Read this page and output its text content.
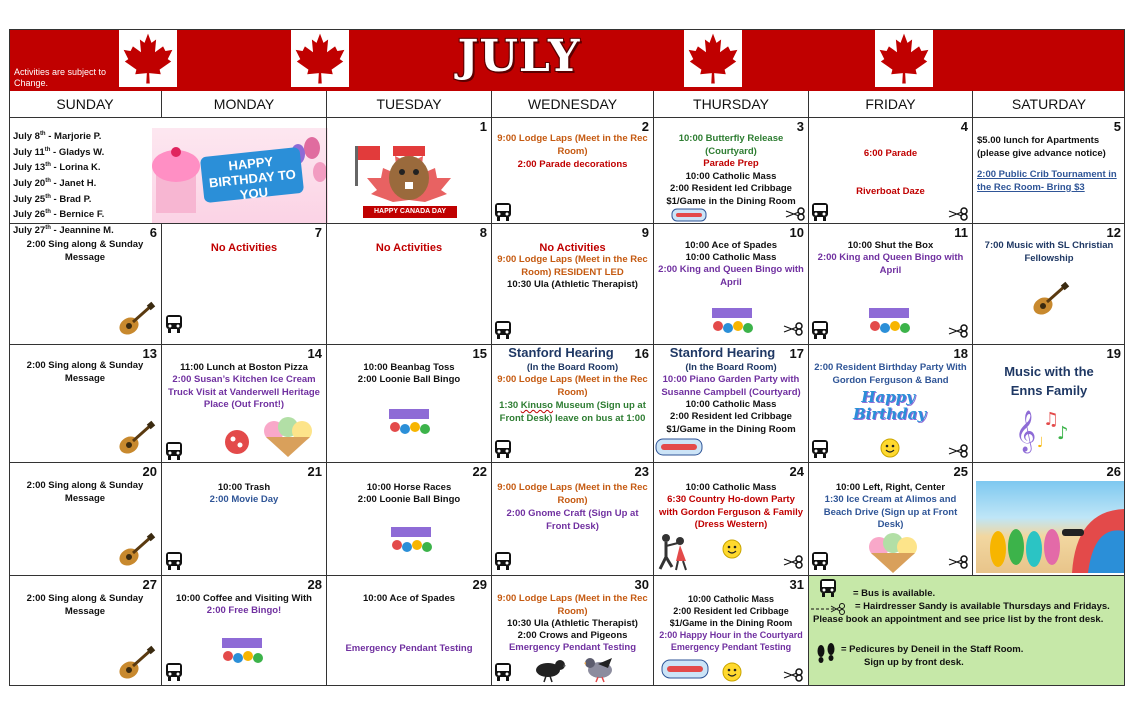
Activities are subject to Change.
JULY
SUNDAY	MONDAY	TUESDAY	WEDNESDAY	THURSDAY	FRIDAY	SATURDAY
July 8th - Marjorie P.
July 11th - Gladys W.
July 13th - Lorina K.
July 20th - Janet H.
July 25th - Brad P.
July 26th - Bernice F.
July 27th - Jeannine M.
HAPPY BIRTHDAY TO YOU
1
HAPPY CANADA DAY
2
9:00 Lodge Laps (Meet in the Rec Room)
2:00 Parade decorations
3
10:00 Butterfly Release (Courtyard)
Parade Prep
10:00 Catholic Mass
2:00 Resident led Cribbage
$1/Game in the Dining Room
4
6:00 Parade
Riverboat Daze
5
$5.00 lunch for Apartments (please give advance notice)
2:00 Public Crib Tournament in the Rec Room- Bring $3
6
2:00 Sing along & Sunday Message
7
No Activities
8
No Activities
9
No Activities
9:00 Lodge Laps (Meet in the Rec Room) RESIDENT LED
10:30 Ula (Athletic Therapist)
10
10:00 Ace of Spades
10:00 Catholic Mass
2:00 King and Queen Bingo with April
11
10:00 Shut the Box
2:00 King and Queen Bingo with April
12
7:00 Music with SL Christian Fellowship
13
2:00 Sing along & Sunday Message
14
11:00 Lunch at Boston Pizza
2:00 Susan’s Kitchen Ice Cream Truck Visit at Vanderwell Heritage Place (Out Front!)
15
10:00 Beanbag Toss
2:00 Loonie Ball Bingo
16
Stanford Hearing
(In the Board Room)
9:00 Lodge Laps (Meet in the Rec Room)
1:30 Kinuso Museum (Sign up at Front Desk) leave on bus at 1:00
17
Stanford Hearing
(In the Board Room)
10:00 Piano Garden Party with Susanne Campbell (Courtyard)
10:00 Catholic Mass
2:00 Resident led Cribbage
$1/Game in the Dining Room
18
2:00 Resident Birthday Party With Gordon Ferguson & Band
Happy Birthday
19
Music with the Enns Family
𝄞 ♫
♪
♩
20
2:00 Sing along & Sunday Message
21
10:00 Trash
2:00 Movie Day
22
10:00 Horse Races
2:00 Loonie Ball Bingo
23
9:00 Lodge Laps (Meet in the Rec Room)
2:00 Gnome Craft (Sign Up at Front Desk)
24
10:00 Catholic Mass
6:30 Country Ho-down Party with Gordon Ferguson & Family
(Dress Western)
25
10:00 Left, Right, Center
1:30 Ice Cream at Alimos and Beach Drive (Sign up at Front Desk)
26
27
2:00 Sing along & Sunday Message
28
10:00 Coffee and Visiting With
2:00 Free Bingo!
29
10:00 Ace of Spades
Emergency Pendant Testing
30
9:00 Lodge Laps (Meet in the Rec Room)
10:30 Ula (Athletic Therapist)
2:00 Crows and Pigeons
Emergency Pendant Testing
31
10:00 Catholic Mass
2:00 Resident led Cribbage
$1/Game in the Dining Room
2:00 Happy Hour in the Courtyard
Emergency Pendant Testing
= Bus is available.
= Hairdresser Sandy is available Thursdays and Fridays. Please book an appointment and see price list by the front desk.
= Pedicures by Deneil in the Staff Room.
Sign up by front desk.
